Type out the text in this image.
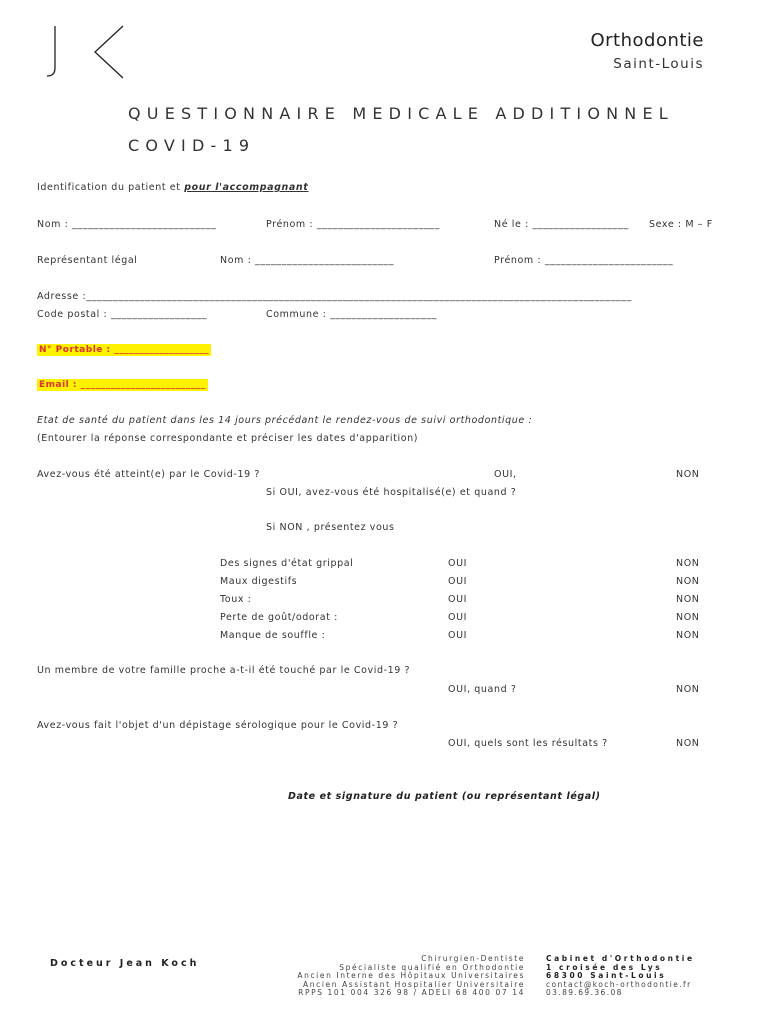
Orthodontie
Saint-Louis
QUESTIONNAIRE MEDICALE ADDITIONNEL
COVID-19
Identification du patient et pour l'accompagnant
Nom : ___________________________	Prénom : _______________________	Né le : __________________ Sexe : M – F
Représentant légal	Nom : __________________________	Prénom : ________________________
Adresse :______________________________________________________________________________________________________
Code postal : __________________	Commune : ____________________
N° Portable : ___________________
Email : _________________________
Etat de santé du patient dans les 14 jours précédant le rendez-vous de suivi orthodontique :
(Entourer la réponse correspondante et préciser les dates d'apparition)
Avez-vous été atteint(e) par le Covid-19 ?	OUI,	NON
Si OUI, avez-vous été hospitalisé(e) et quand ?
Si NON , présentez vous
Des signes d'état grippal	OUI	NON
Maux digestifs	OUI	NON
Toux :	OUI	NON
Perte de goût/odorat :	OUI	NON
Manque de souffle :	OUI	NON
Un membre de votre famille proche a-t-il été touché par le Covid-19 ?
OUI, quand ?	NON
Avez-vous fait l'objet d'un dépistage sérologique pour le Covid-19 ?
OUI, quels sont les résultats ?	NON
Date et signature du patient (ou représentant légal)
Docteur Jean Koch	Chirurgien-Dentiste
Spécialiste qualifié en Orthodontie
Ancien Interne des Hôpitaux Universitaires
Ancien Assistant Hospitalier Universitaire
RPPS 101 004 326 98 / ADELI 68 400 07 14
Cabinet d'Orthodontie
1 croisée des Lys
68300 Saint-Louis
contact@koch-orthodontie.fr
03.89.69.36.08
